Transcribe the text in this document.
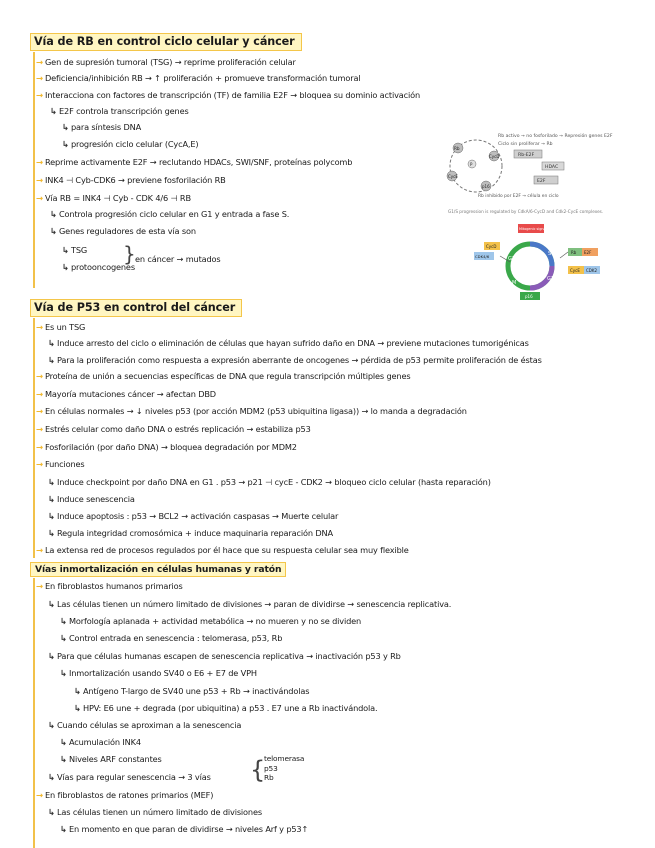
Vía de RB en control ciclo celular y cáncer
→ Gen de supresión tumoral (TSG) → reprime proliferación celular
→ Deficiencia/inhibición RB → ↑ proliferación + promueve transformación tumoral
→ Interacciona con factores de transcripción (TF) de familia E2F → bloquea su dominio activación
↳ E2F controla transcripción genes
↳ para síntesis DNA
↳ progresión ciclo celular (CycA,E)
→ Reprime activamente E2F → reclutando HDACs, SWI/SNF, proteínas polycomb
→ INK4 ⊣ Cyb-CDK6 → previene fosforilación RB
→ Vía RB = INK4 ⊣ Cyb - CDK 4/6 ⊣ RB
↳ Controla progresión ciclo celular en G1 y entrada a fase S.
↳ Genes reguladores de esta vía son
↳ TSG
↳ protooncogenes
} en cáncer → mutados
Rb activo → no fosforilado → Represión genes E2F
Ciclo sin proliferar → Rb
Rb-E2F
HDAC
E2F
Rb
CycD
CycE
p16
P
Rb inhibido por E2F → célula en ciclo
G1/S progression is regulated by CdkA/6-CycD and Cdk2-CycE complexes.
G1
S
G2
M
Mitogenic signals
CycD
CDK4/6
Rb E2F
CycE CDK2
p16
Vía de P53 en control del cáncer
→ Es un TSG
↳ Induce arresto del ciclo o eliminación de células que hayan sufrido daño en DNA → previene mutaciones tumorigénicas
↳ Para la proliferación como respuesta a expresión aberrante de oncogenes → pérdida de p53 permite proliferación de éstas
→ Proteína de unión a secuencias específicas de DNA que regula transcripción múltiples genes
→ Mayoría mutaciones cáncer → afectan DBD
→ En células normales → ↓ niveles p53 (por acción MDM2 (p53 ubiquitina ligasa)) → lo manda a degradación
→ Estrés celular como daño DNA o estrés replicación → estabiliza p53
→ Fosforilación (por daño DNA) → bloquea degradación por MDM2
→ Funciones
↳ Induce checkpoint por daño DNA en G1 . p53 → p21 ⊣ cycE - CDK2 → bloqueo ciclo celular (hasta reparación)
↳ Induce senescencia
↳ Induce apoptosis : p53 → BCL2 → activación caspasas → Muerte celular
↳ Regula integridad cromosómica + induce maquinaria reparación DNA
→ La extensa red de procesos regulados por él hace que su respuesta celular sea muy flexible
Vías inmortalización en células humanas y ratón
→ En fibroblastos humanos primarios
↳ Las células tienen un número limitado de divisiones → paran de dividirse → senescencia replicativa.
↳ Morfología aplanada + actividad metabólica → no mueren y no se dividen
↳ Control entrada en senescencia : telomerasa, p53, Rb
↳ Para que células humanas escapen de senescencia replicativa → inactivación p53 y Rb
↳ Inmortalización usando SV40 o E6 + E7 de VPH
↳ Antígeno T-largo de SV40 une p53 + Rb → inactivándolas
↳ HPV: E6 une + degrada (por ubiquitina) a p53 . E7 une a Rb inactivándola.
↳ Cuando células se aproximan a la senescencia
↳ Acumulación INK4
↳ Niveles ARF constantes
↳ Vías para regular senescencia → 3 vías {
telomerasa
p53
Rb
→ En fibroblastos de ratones primarios (MEF)
↳ Las células tienen un número limitado de divisiones
↳ En momento en que paran de dividirse → niveles Arf y p53↑
